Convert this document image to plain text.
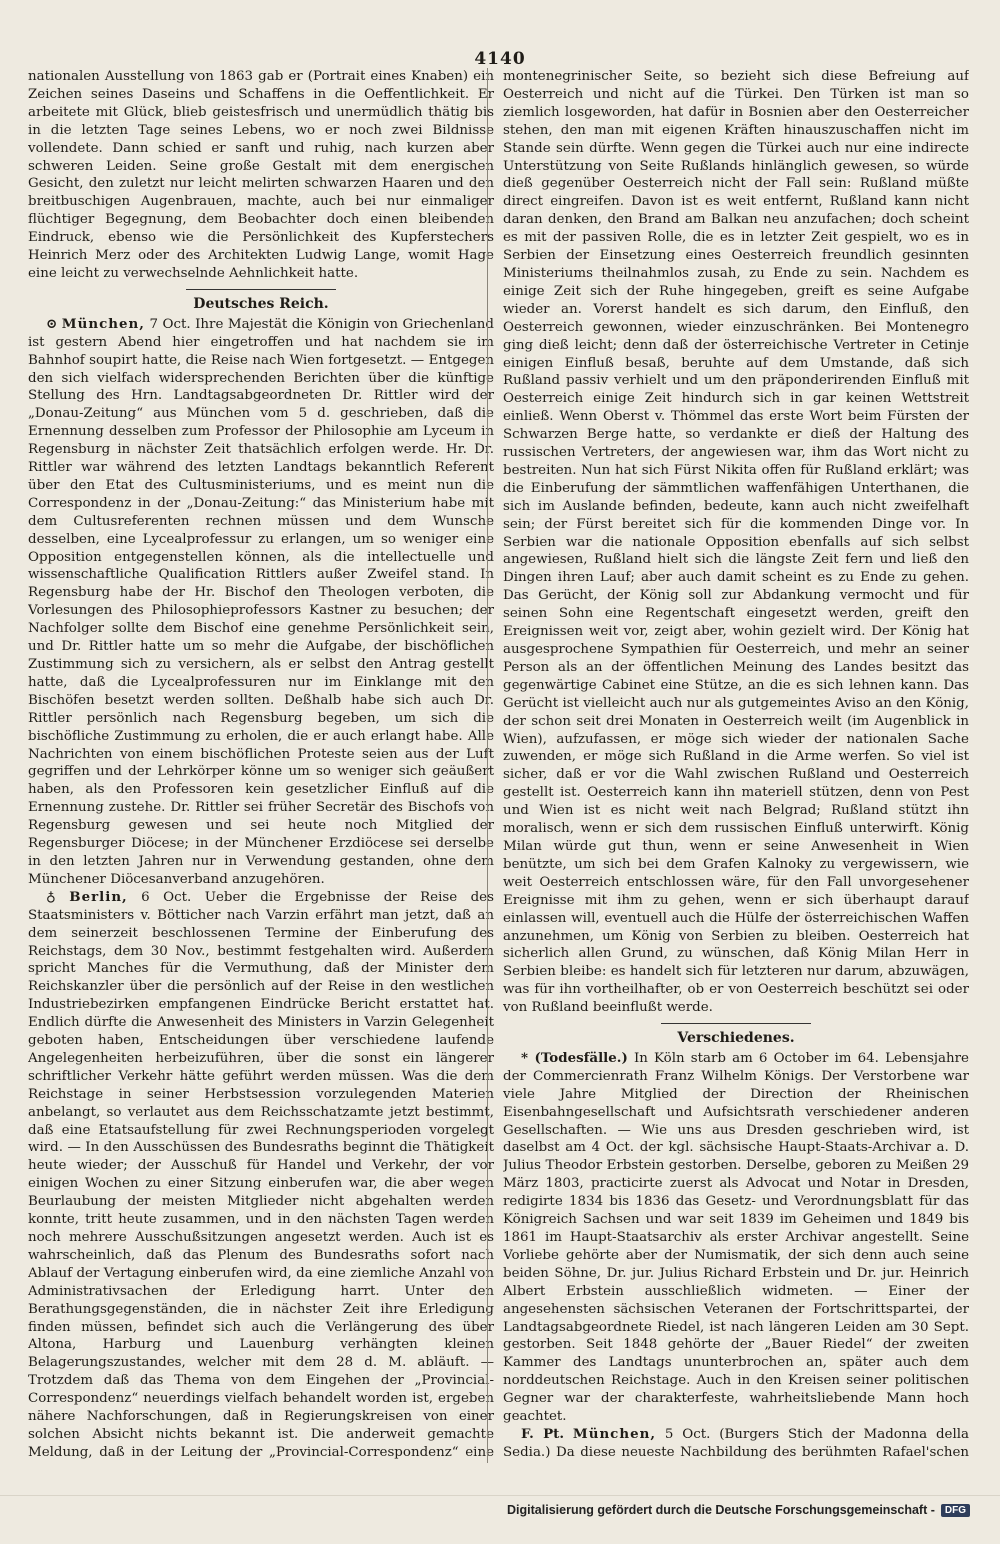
4140

nationalen Ausstellung von 1863 gab er (Portrait eines Knaben) ein Zeichen seines Daseins und Schaffens in die Oeffentlichkeit. Er arbeitete mit Glück, blieb geistesfrisch und unermüdlich thätig bis in die letzten Tage seines Lebens, wo er noch zwei Bildnisse vollendete. Dann schied er sanft und ruhig, nach kurzen aber schweren Leiden. Seine große Gestalt mit dem energischen Gesicht, den zuletzt nur leicht melirten schwarzen Haaren und den breitbuschigen Augenbrauen, machte, auch bei nur einmaliger flüchtiger Begegnung, dem Beobachter doch einen bleibenden Eindruck, ebenso wie die Persönlichkeit des Kupferstechers Heinrich Merz oder des Architekten Ludwig Lange, womit Hage eine leicht zu verwechselnde Aehnlichkeit hatte.

Deutsches Reich.

⊙ München, 7 Oct. Ihre Majestät die Königin von Griechenland ist gestern Abend hier eingetroffen und hat nachdem sie im Bahnhof soupirt hatte, die Reise nach Wien fortgesetzt. — Entgegen den sich vielfach widersprechenden Berichten über die künftige Stellung des Hrn. Landtagsabgeordneten Dr. Rittler wird der „Donau-Zeitung“ aus München vom 5 d. geschrieben, daß die Ernennung desselben zum Professor der Philosophie am Lyceum in Regensburg in nächster Zeit thatsächlich erfolgen werde. Hr. Dr. Rittler war während des letzten Landtags bekanntlich Referent über den Etat des Cultusministeriums, und es meint nun die Correspondenz in der „Donau-Zeitung:“ das Ministerium habe mit dem Cultusreferenten rechnen müssen und dem Wunsche desselben, eine Lycealprofessur zu erlangen, um so weniger eine Opposition entgegenstellen können, als die intellectuelle und wissenschaftliche Qualification Rittlers außer Zweifel stand. In Regensburg habe der Hr. Bischof den Theologen verboten, die Vorlesungen des Philosophieprofessors Kastner zu besuchen; der Nachfolger sollte dem Bischof eine genehme Persönlichkeit sein, und Dr. Rittler hatte um so mehr die Aufgabe, der bischöflichen Zustimmung sich zu versichern, als er selbst den Antrag gestellt hatte, daß die Lycealprofessuren nur im Einklange mit den Bischöfen besetzt werden sollten. Deßhalb habe sich auch Dr. Rittler persönlich nach Regensburg begeben, um sich die bischöfliche Zustimmung zu erholen, die er auch erlangt habe. Alle Nachrichten von einem bischöflichen Proteste seien aus der Luft gegriffen und der Lehrkörper könne um so weniger sich geäußert haben, als den Professoren kein gesetzlicher Einfluß auf die Ernennung zustehe. Dr. Rittler sei früher Secretär des Bischofs von Regensburg gewesen und sei heute noch Mitglied der Regensburger Diöcese; in der Münchener Erzdiöcese sei derselbe in den letzten Jahren nur in Verwendung gestanden, ohne dem Münchener Diöcesanverband anzugehören.

♁ Berlin, 6 Oct. Ueber die Ergebnisse der Reise des Staatsministers v. Bötticher nach Varzin erfährt man jetzt, daß an dem seinerzeit beschlossenen Termine der Einberufung des Reichstags, dem 30 Nov., bestimmt festgehalten wird. Außerdem spricht Manches für die Vermuthung, daß der Minister dem Reichskanzler über die persönlich auf der Reise in den westlichen Industriebezirken empfangenen Eindrücke Bericht erstattet hat. Endlich dürfte die Anwesenheit des Ministers in Varzin Gelegenheit geboten haben, Entscheidungen über verschiedene laufende Angelegenheiten herbeizuführen, über die sonst ein längerer schriftlicher Verkehr hätte geführt werden müssen. Was die dem Reichstage in seiner Herbstsession vorzulegenden Materien anbelangt, so verlautet aus dem Reichsschatzamte jetzt bestimmt, daß eine Etatsaufstellung für zwei Rechnungsperioden vorgelegt wird. — In den Ausschüssen des Bundesraths beginnt die Thätigkeit heute wieder; der Ausschuß für Handel und Verkehr, der vor einigen Wochen zu einer Sitzung einberufen war, die aber wegen Beurlaubung der meisten Mitglieder nicht abgehalten werden konnte, tritt heute zusammen, und in den nächsten Tagen werden noch mehrere Ausschußsitzungen angesetzt werden. Auch ist es wahrscheinlich, daß das Plenum des Bundesraths sofort nach Ablauf der Vertagung einberufen wird, da eine ziemliche Anzahl von Administrativsachen der Erledigung harrt. Unter den Berathungsgegenständen, die in nächster Zeit ihre Erledigung finden müssen, befindet sich auch die Verlängerung des über Altona, Harburg und Lauenburg verhängten kleinen Belagerungszustandes, welcher mit dem 28 d. M. abläuft. — Trotzdem daß das Thema von dem Eingehen der „Provincial-Correspondenz“ neuerdings vielfach behandelt worden ist, ergeben nähere Nachforschungen, daß in Regierungskreisen von einer solchen Absicht nichts bekannt ist. Die anderweit gemachte Meldung, daß in der Leitung der „Provincial-Correspondenz“ eine

montenegrinischer Seite, so bezieht sich diese Befreiung auf Oesterreich und nicht auf die Türkei. Den Türken ist man so ziemlich losgeworden, hat dafür in Bosnien aber den Oesterreicher stehen, den man mit eigenen Kräften hinauszuschaffen nicht im Stande sein dürfte. Wenn gegen die Türkei auch nur eine indirecte Unterstützung von Seite Rußlands hinlänglich gewesen, so würde dieß gegenüber Oesterreich nicht der Fall sein: Rußland müßte direct eingreifen. Davon ist es weit entfernt, Rußland kann nicht daran denken, den Brand am Balkan neu anzufachen; doch scheint es mit der passiven Rolle, die es in letzter Zeit gespielt, wo es in Serbien der Einsetzung eines Oesterreich freundlich gesinnten Ministeriums theilnahmlos zusah, zu Ende zu sein. Nachdem es einige Zeit sich der Ruhe hingegeben, greift es seine Aufgabe wieder an. Vorerst handelt es sich darum, den Einfluß, den Oesterreich gewonnen, wieder einzuschränken. Bei Montenegro ging dieß leicht; denn daß der österreichische Vertreter in Cetinje einigen Einfluß besaß, beruhte auf dem Umstande, daß sich Rußland passiv verhielt und um den präponderirenden Einfluß mit Oesterreich einige Zeit hindurch sich in gar keinen Wettstreit einließ. Wenn Oberst v. Thömmel das erste Wort beim Fürsten der Schwarzen Berge hatte, so verdankte er dieß der Haltung des russischen Vertreters, der angewiesen war, ihm das Wort nicht zu bestreiten. Nun hat sich Fürst Nikita offen für Rußland erklärt; was die Einberufung der sämmtlichen waffenfähigen Unterthanen, die sich im Auslande befinden, bedeute, kann auch nicht zweifelhaft sein; der Fürst bereitet sich für die kommenden Dinge vor. In Serbien war die nationale Opposition ebenfalls auf sich selbst angewiesen, Rußland hielt sich die längste Zeit fern und ließ den Dingen ihren Lauf; aber auch damit scheint es zu Ende zu gehen. Das Gerücht, der König soll zur Abdankung vermocht und für seinen Sohn eine Regentschaft eingesetzt werden, greift den Ereignissen weit vor, zeigt aber, wohin gezielt wird. Der König hat ausgesprochene Sympathien für Oesterreich, und mehr an seiner Person als an der öffentlichen Meinung des Landes besitzt das gegenwärtige Cabinet eine Stütze, an die es sich lehnen kann. Das Gerücht ist vielleicht auch nur als gutgemeintes Aviso an den König, der schon seit drei Monaten in Oesterreich weilt (im Augenblick in Wien), aufzufassen, er möge sich wieder der nationalen Sache zuwenden, er möge sich Rußland in die Arme werfen. So viel ist sicher, daß er vor die Wahl zwischen Rußland und Oesterreich gestellt ist. Oesterreich kann ihn materiell stützen, denn von Pest und Wien ist es nicht weit nach Belgrad; Rußland stützt ihn moralisch, wenn er sich dem russischen Einfluß unterwirft. König Milan würde gut thun, wenn er seine Anwesenheit in Wien benützte, um sich bei dem Grafen Kalnoky zu vergewissern, wie weit Oesterreich entschlossen wäre, für den Fall unvorgesehener Ereignisse mit ihm zu gehen, wenn er sich überhaupt darauf einlassen will, eventuell auch die Hülfe der österreichischen Waffen anzunehmen, um König von Serbien zu bleiben. Oesterreich hat sicherlich allen Grund, zu wünschen, daß König Milan Herr in Serbien bleibe: es handelt sich für letzteren nur darum, abzuwägen, was für ihn vortheilhafter, ob er von Oesterreich beschützt sei oder von Rußland beeinflußt werde.

Verschiedenes.

* (Todesfälle.) In Köln starb am 6 October im 64. Lebensjahre der Commercienrath Franz Wilhelm Königs. Der Verstorbene war viele Jahre Mitglied der Direction der Rheinischen Eisenbahngesellschaft und Aufsichtsrath verschiedener anderen Gesellschaften. — Wie uns aus Dresden geschrieben wird, ist daselbst am 4 Oct. der kgl. sächsische Haupt-Staats-Archivar a. D. Julius Theodor Erbstein gestorben. Derselbe, geboren zu Meißen 29 März 1803, practicirte zuerst als Advocat und Notar in Dresden, redigirte 1834 bis 1836 das Gesetz- und Verordnungsblatt für das Königreich Sachsen und war seit 1839 im Geheimen und 1849 bis 1861 im Haupt-Staatsarchiv als erster Archivar angestellt. Seine Vorliebe gehörte aber der Numismatik, der sich denn auch seine beiden Söhne, Dr. jur. Julius Richard Erbstein und Dr. jur. Heinrich Albert Erbstein ausschließlich widmeten. — Einer der angesehensten sächsischen Veteranen der Fortschrittspartei, der Landtagsabgeordnete Riedel, ist nach längeren Leiden am 30 Sept. gestorben. Seit 1848 gehörte der „Bauer Riedel“ der zweiten Kammer des Landtags ununterbrochen an, später auch dem norddeutschen Reichstage. Auch in den Kreisen seiner politischen Gegner war der charakterfeste, wahrheitsliebende Mann hoch geachtet.

F. Pt. München, 5 Oct. (Burgers Stich der Madonna della Sedia.) Da diese neueste Nachbildung des berühmten Rafael'schen

Digitalisierung gefördert durch die Deutsche Forschungsgemeinschaft -	DFG
